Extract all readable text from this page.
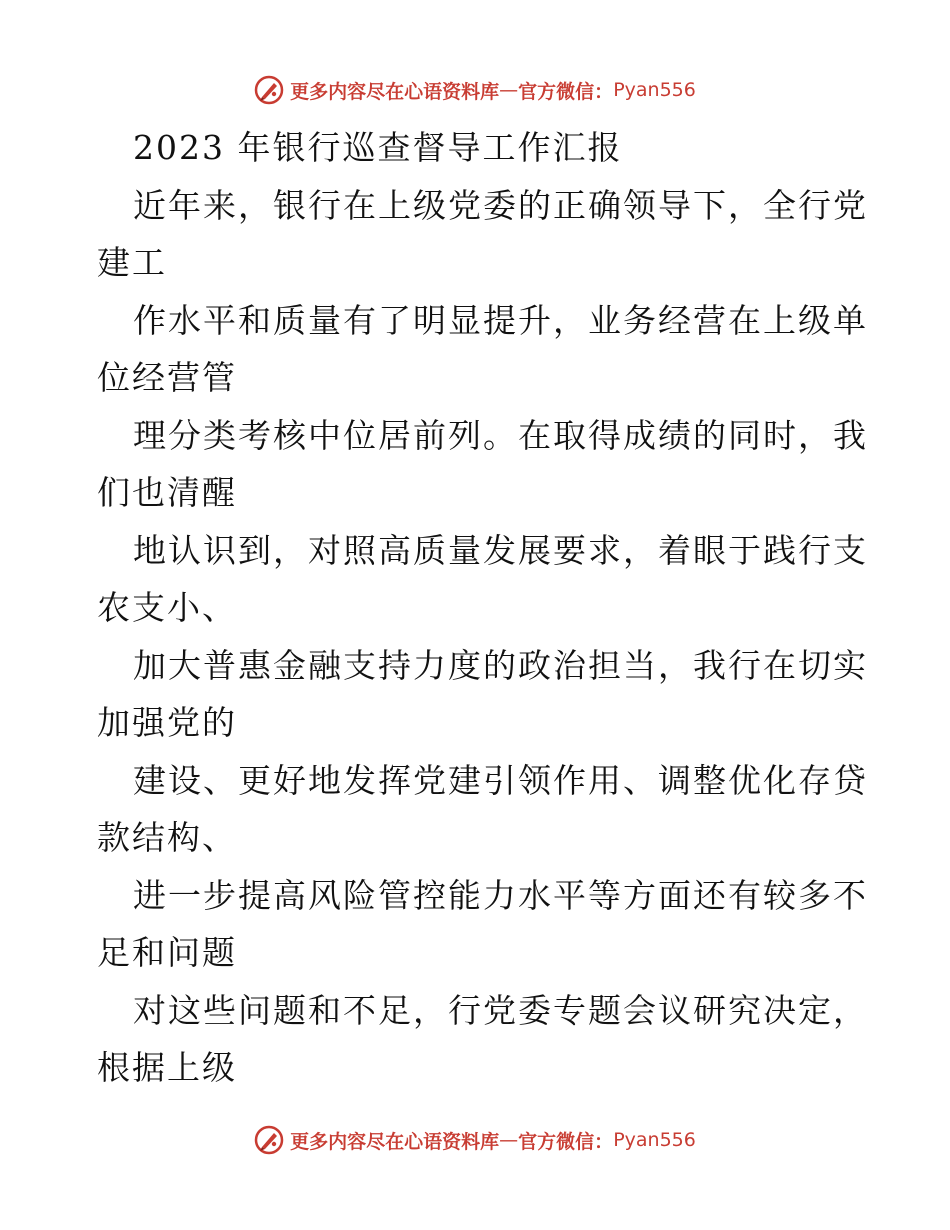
更多内容尽在心语资料库 — 官方微信： Pyan556
2023 年银行巡查督导工作汇报
近年来，银行在上级党委的正确领导下，全行党
建工
作水平和质量有了明显提升，业务经营在上级单
位经营管
理分类考核中位居前列。在取得成绩的同时，我
们也清醒
地认识到，对照高质量发展要求，着眼于践行支
农支小、
加大普惠金融支持力度的政治担当，我行在切实
加强党的
建设、更好地发挥党建引领作用、调整优化存贷
款结构、
进一步提高风险管控能力水平等方面还有较多不
足和问题
对这些问题和不足，行党委专题会议研究决定，
根据上级
更多内容尽在心语资料库 — 官方微信： Pyan556
